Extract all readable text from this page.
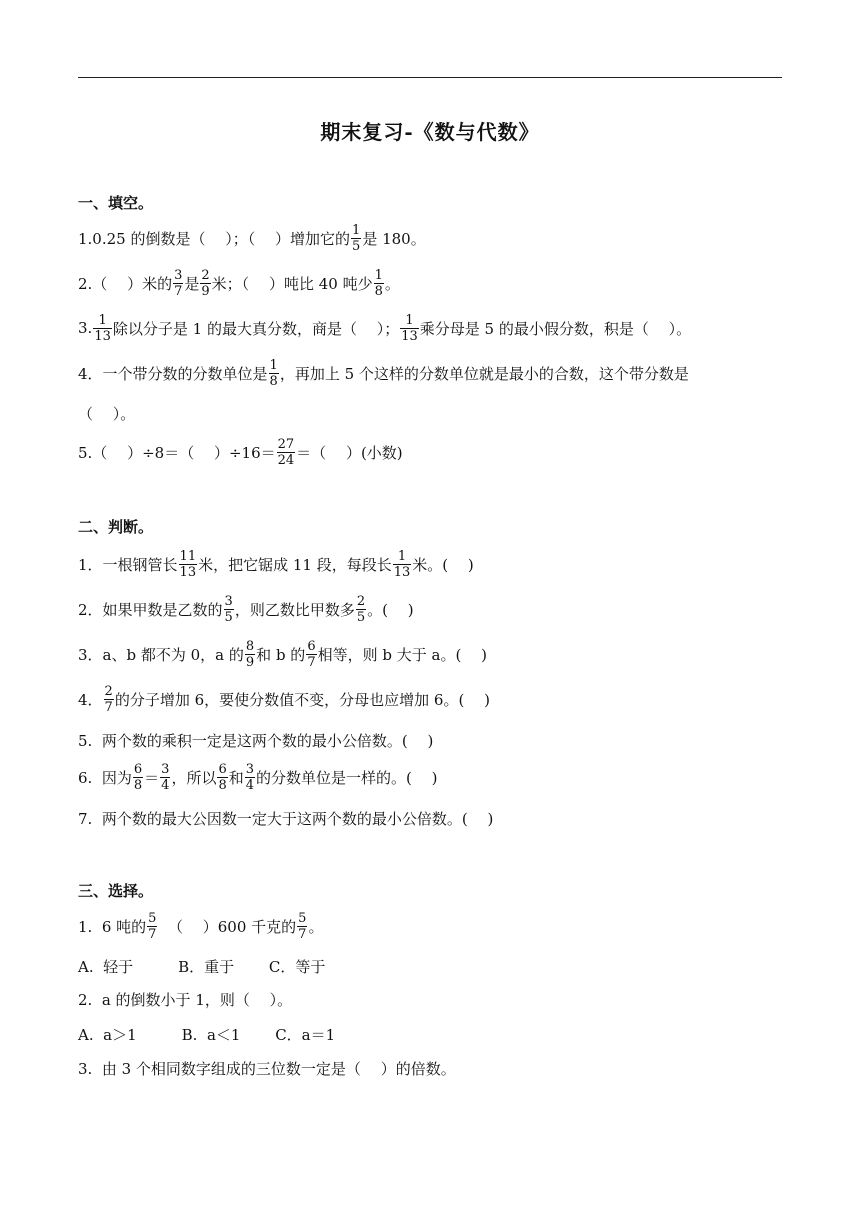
期末复习-《数与代数》
一、填空。
1.0.25 的倒数是（　 ）；（　 ）增加它的 $\frac{1}{5}$ 是 180。
2.（　 ）米的 $\frac{3}{7}$ 是 $\frac{2}{9}$ 米；（　 ）吨比 40 吨少 $\frac{1}{8}$ 。
3. $\frac{1}{13}$ 除以分子是 1 的最大真分数，商是（　 ）； $\frac{1}{13}$ 乘分母是 5 的最小假分数，积是（　 ）。
4．一个带分数的分数单位是 $\frac{1}{8}$ ，再加上 5 个这样的分数单位就是最小的合数，这个带分数是
（　 ）。
5.（　 ）÷8＝（　 ）$\div 16= \frac{27}{24}$ ＝（　 ）(小数)
二、判断。
1．一根钢管长 $\frac{11}{13}$ 米，把它锯成 11 段，每段长 $\frac{1}{13}$ 米。(　 )
2．如果甲数是乙数的 $\frac{3}{5}$ ，则乙数比甲数多 $\frac{2}{5}$ 。(　 )
3．a、b 都不为 0，a 的 $\frac{8}{9}$ 和 b 的 $\frac{6}{7}$ 相等，则 b 大于 a。(　 )
4． $\frac{2}{7}$ 的分子增加 6，要使分数值不变，分母也应增加 6。(　 )
5.  两个数的乘积一定是这两个数的最小公倍数。(　 )
6.  因为 $\frac{6}{8} = \frac{3}{4}$ ，所以 $\frac{6}{8}$ 和 $\frac{3}{4}$ 的分数单位是一样的。(　 )
7.  两个数的最大公因数一定大于这两个数的最小公倍数。(　 )
三、选择。
1.  6 吨的 $\frac{5}{7}$ （　 ）600 千克的 $\frac{5}{7}$ 。
A.  轻于　　　B．重于　　 C．等于
2.  a 的倒数小于 1，则（　 ）。
A.  a＞1　　　B.  a＜1　　 C．a＝1
3.  由 3 个相同数字组成的三位数一定是（　 ）的倍数。
